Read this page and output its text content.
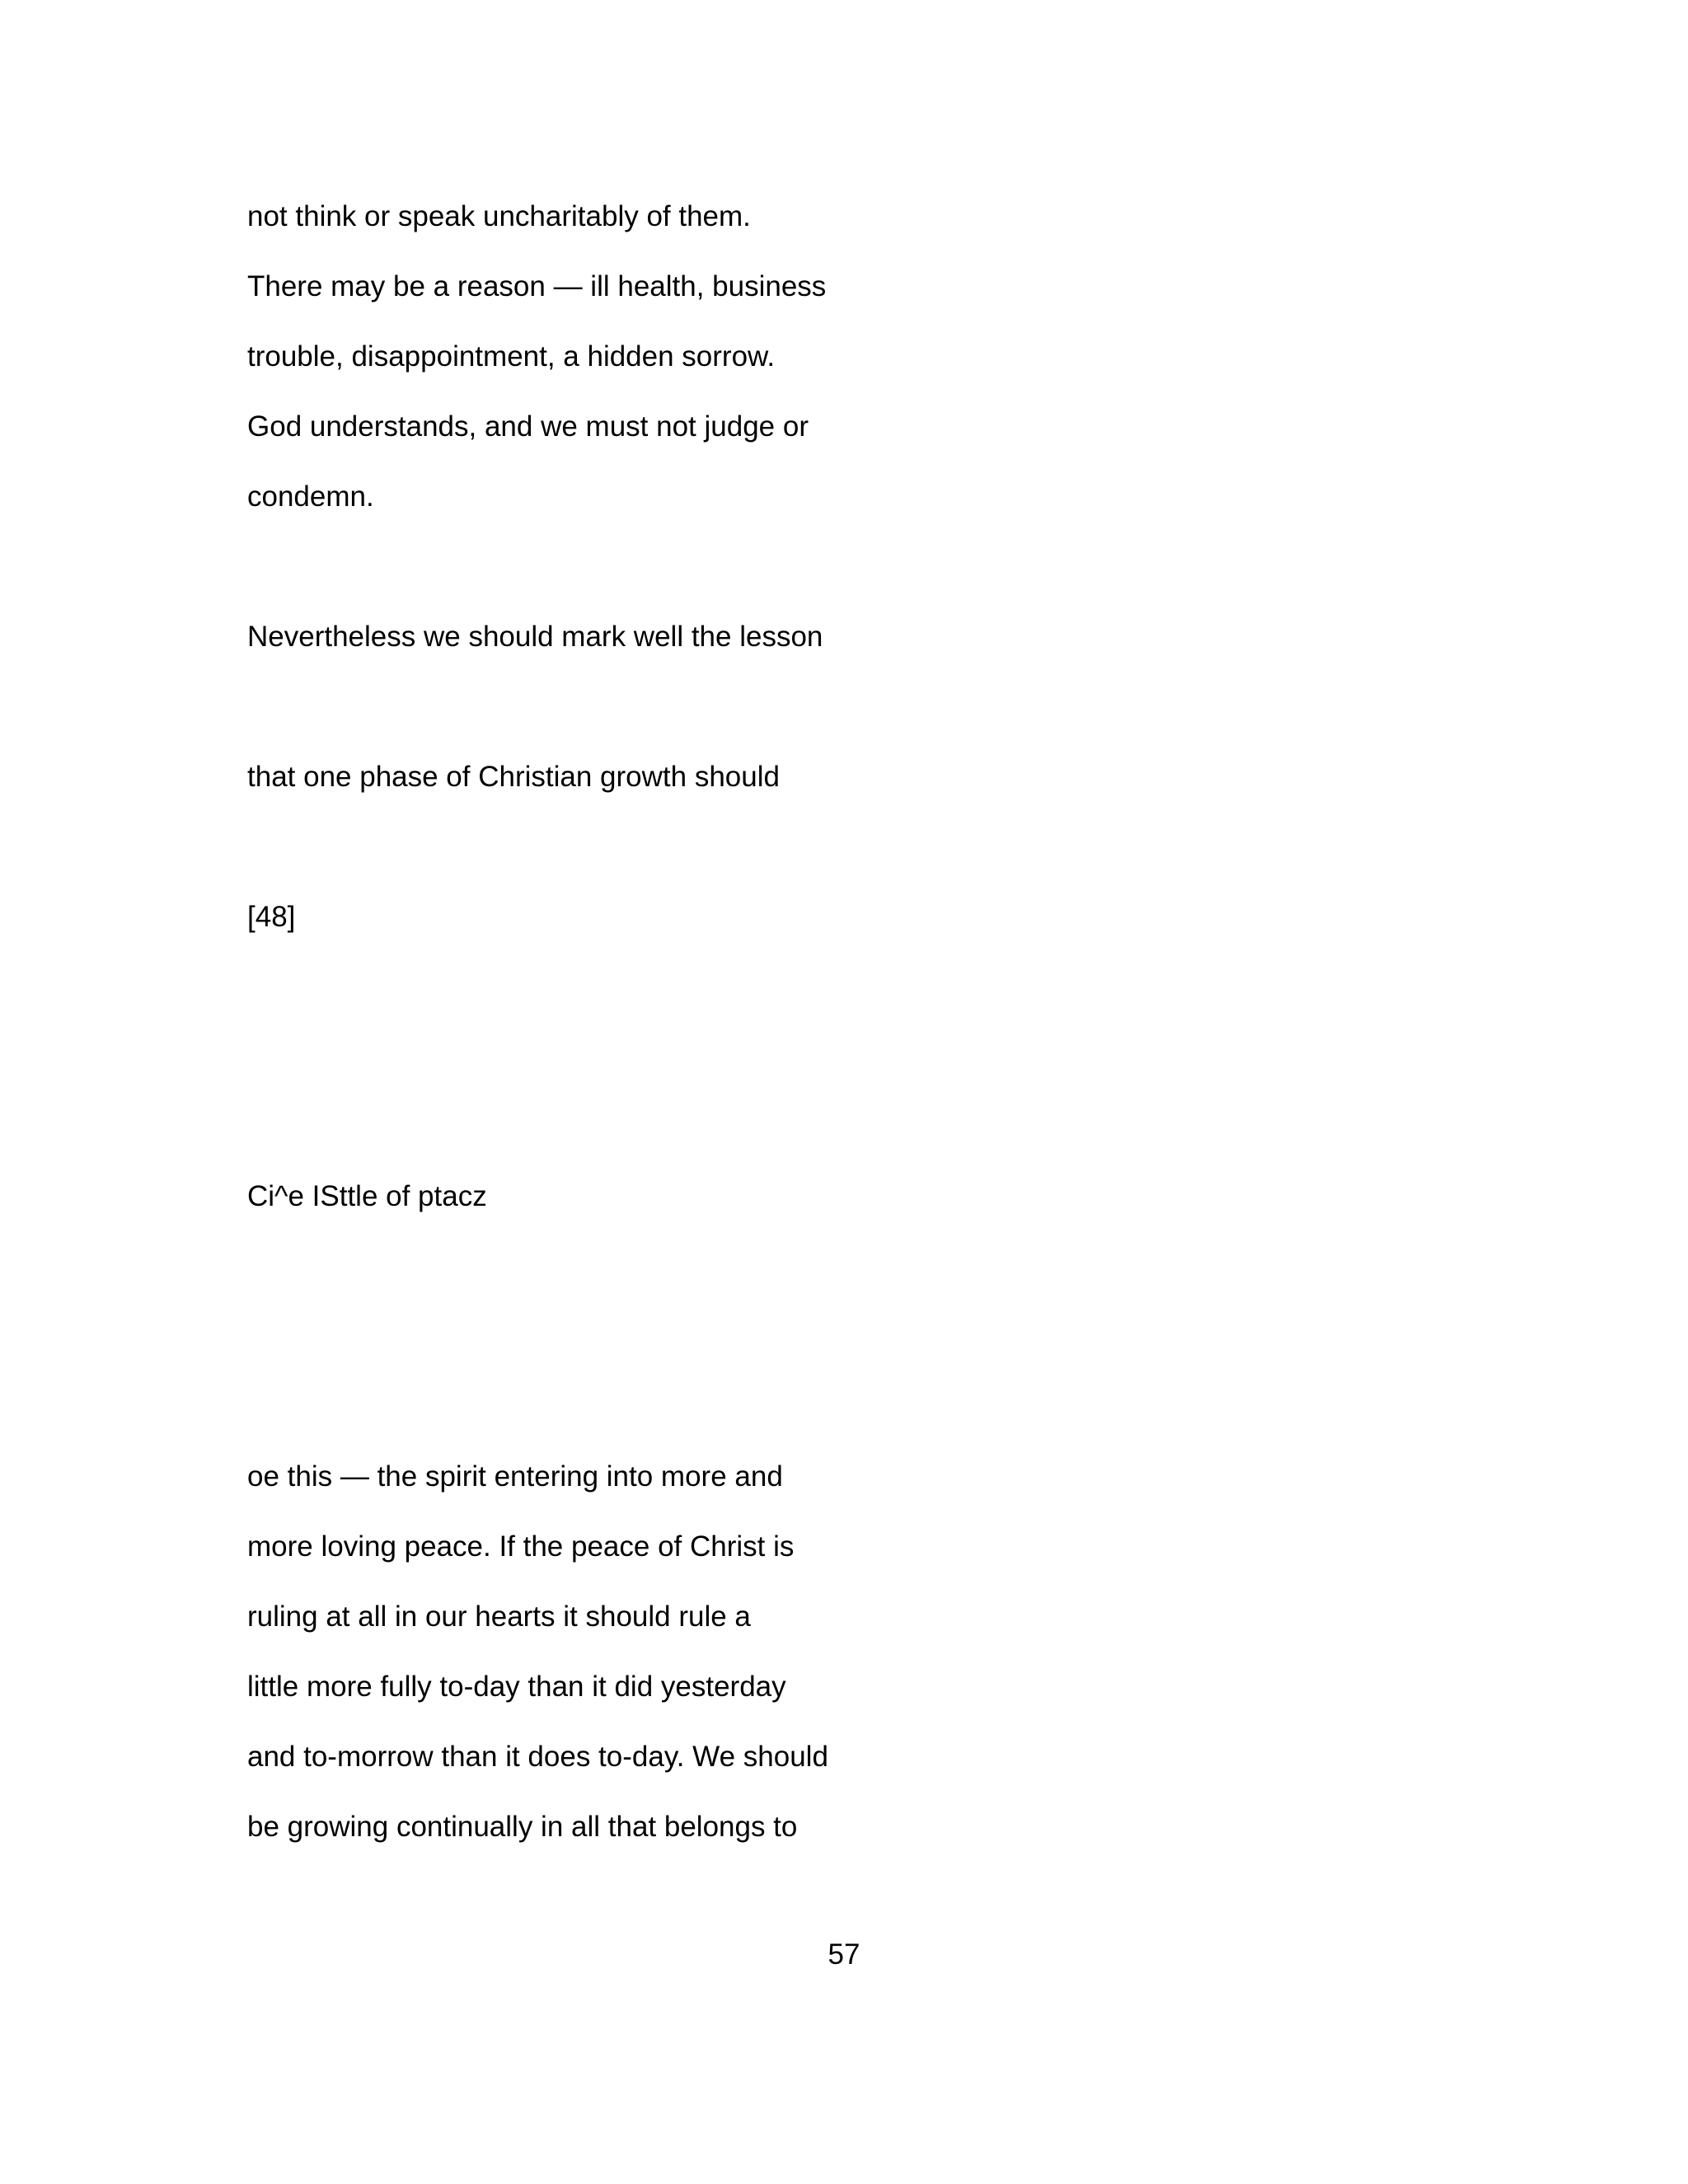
not think or speak uncharitably of them.
There may be a reason — ill health, business
trouble, disappointment, a hidden sorrow.
God understands, and we must not judge or
condemn.
Nevertheless we should mark well the lesson
that one phase of Christian growth should
[48]
Ci^e ISttle of ptacz
oe this — the spirit entering into more and
more loving peace. If the peace of Christ is
ruling at all in our hearts it should rule a
little more fully to-day than it did yesterday
and to-morrow than it does to-day. We should
be growing continually in all that belongs to
57
